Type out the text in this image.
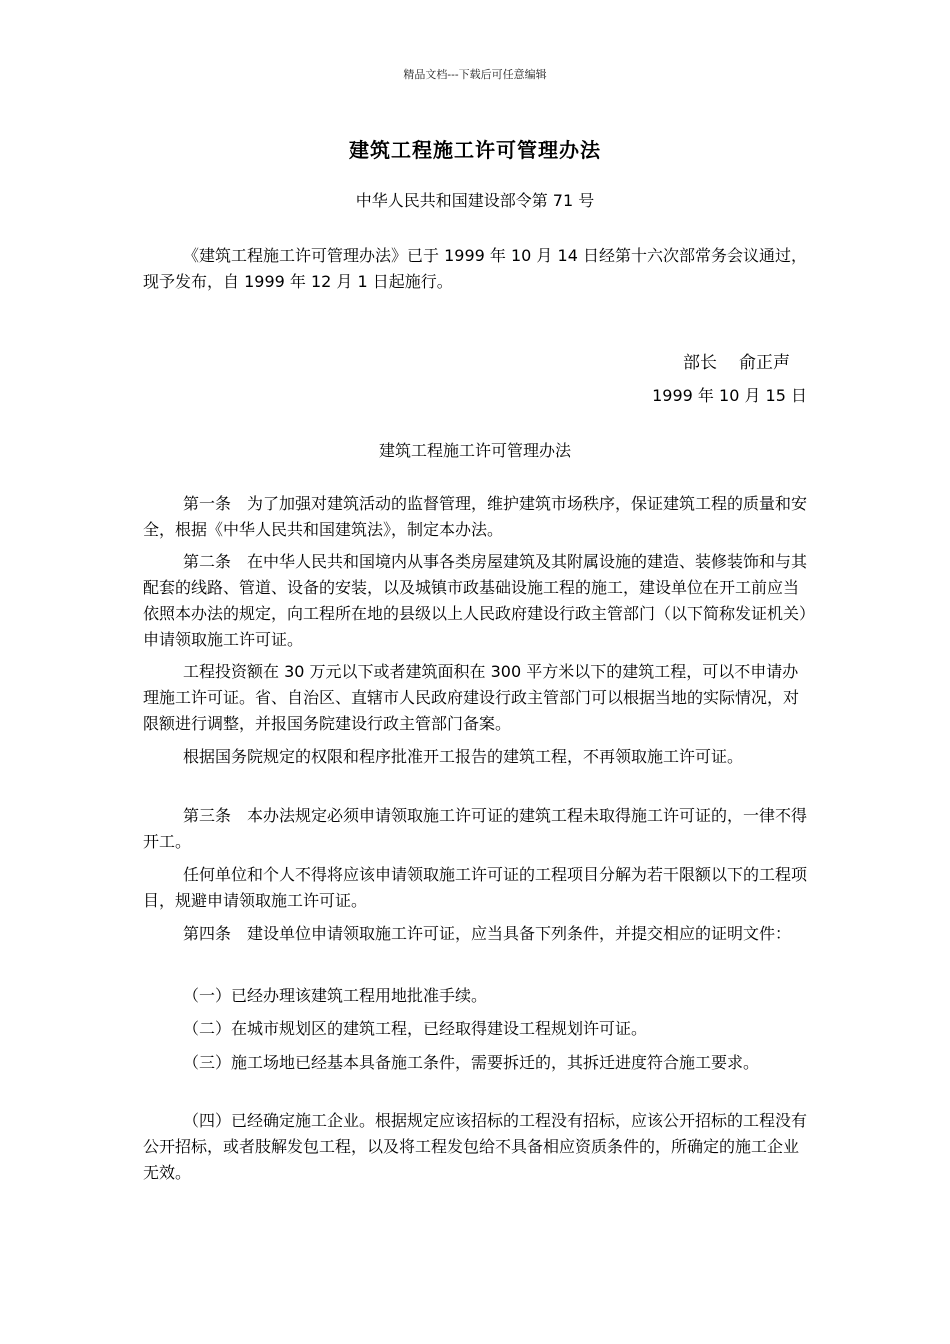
精品文档---下载后可任意编辑
建筑工程施工许可管理办法
中华人民共和国建设部令第 71 号

《建筑工程施工许可管理办法》已于 1999 年 10 月 14 日经第十六次部常务会议通过，现予发布，自 1999 年 12 月 1 日起施行。

部长 俞正声
1999 年 10 月 15 日
建筑工程施工许可管理办法

第一条　为了加强对建筑活动的监督管理，维护建筑市场秩序，保证建筑工程的质量和安全，根据《中华人民共和国建筑法》，制定本办法。

第二条　在中华人民共和国境内从事各类房屋建筑及其附属设施的建造、装修装饰和与其配套的线路、管道、设备的安装，以及城镇市政基础设施工程的施工，建设单位在开工前应当依照本办法的规定，向工程所在地的县级以上人民政府建设行政主管部门（以下简称发证机关）申请领取施工许可证。

工程投资额在 30 万元以下或者建筑面积在 300 平方米以下的建筑工程，可以不申请办理施工许可证。省、自治区、直辖市人民政府建设行政主管部门可以根据当地的实际情况，对限额进行调整，并报国务院建设行政主管部门备案。

根据国务院规定的权限和程序批准开工报告的建筑工程，不再领取施工许可证。

第三条　本办法规定必须申请领取施工许可证的建筑工程未取得施工许可证的，一律不得开工。

任何单位和个人不得将应该申请领取施工许可证的工程项目分解为若干限额以下的工程项目，规避申请领取施工许可证。

第四条　建设单位申请领取施工许可证，应当具备下列条件，并提交相应的证明文件：

（一）已经办理该建筑工程用地批准手续。

（二）在城市规划区的建筑工程，已经取得建设工程规划许可证。

（三）施工场地已经基本具备施工条件，需要拆迁的，其拆迁进度符合施工要求。

（四）已经确定施工企业。根据规定应该招标的工程没有招标，应该公开招标的工程没有公开招标，或者肢解发包工程，以及将工程发包给不具备相应资质条件的，所确定的施工企业无效。
